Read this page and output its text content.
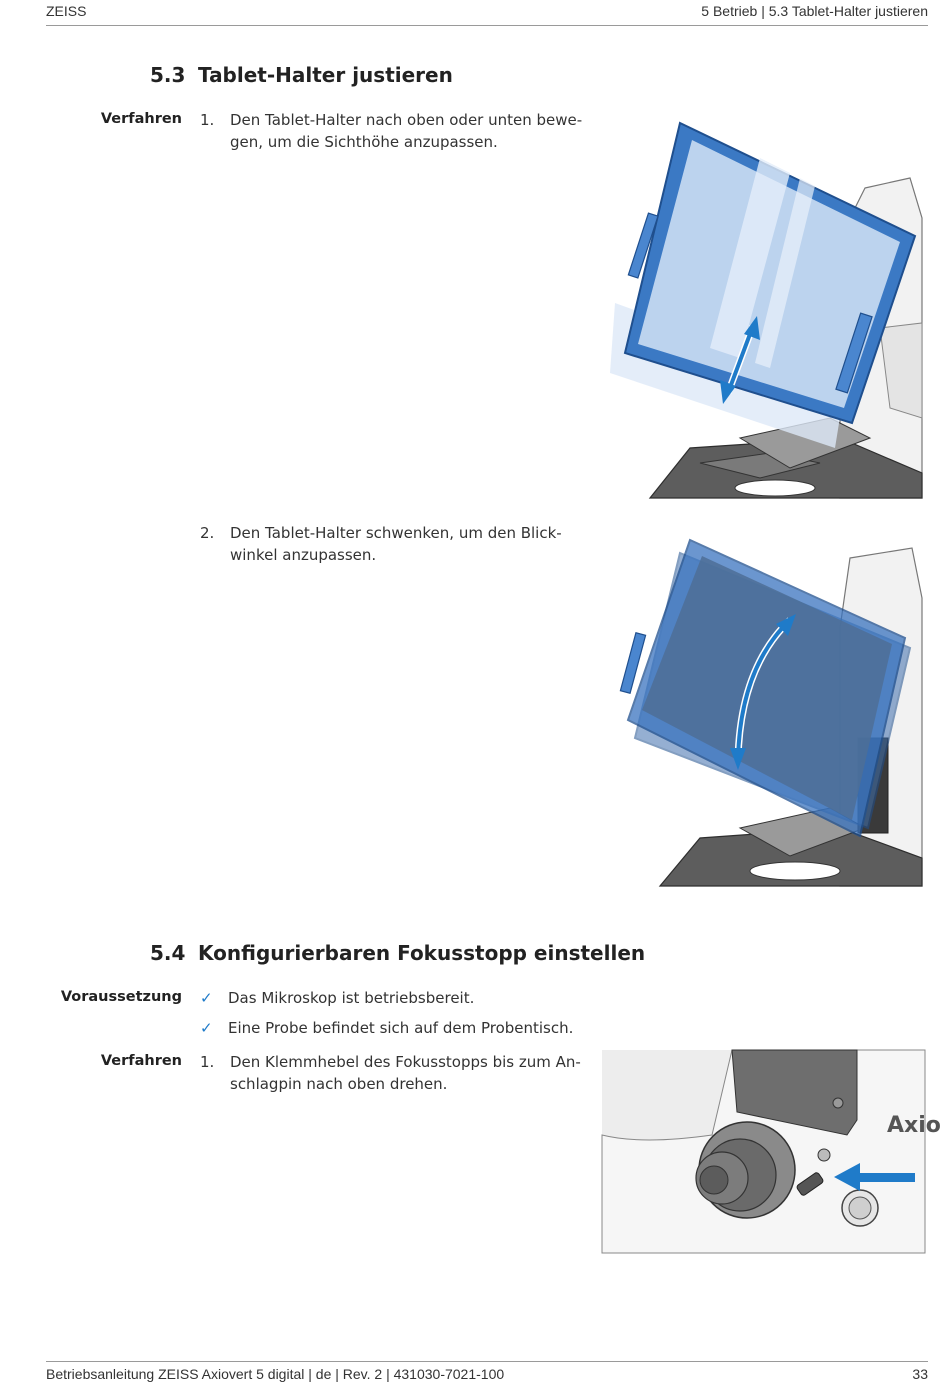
ZEISS	5 Betrieb | 5.3 Tablet-Halter justieren
5.3 Tablet-Halter justieren
Verfahren 1. Den Tablet-Halter nach oben oder unten bewe-gen, um die Sichthöhe anzupassen.
2. Den Tablet-Halter schwenken, um den Blick-winkel anzupassen.
5.4 Konfigurierbaren Fokusstopp einstellen
Voraussetzung ✓ Das Mikroskop ist betriebsbereit.
✓ Eine Probe befindet sich auf dem Probentisch.
Verfahren 1. Den Klemmhebel des Fokusstopps bis zum An-schlagpin nach oben drehen.
Axio
Betriebsanleitung ZEISS Axiovert 5 digital | de | Rev. 2 | 431030-7021-100	33
